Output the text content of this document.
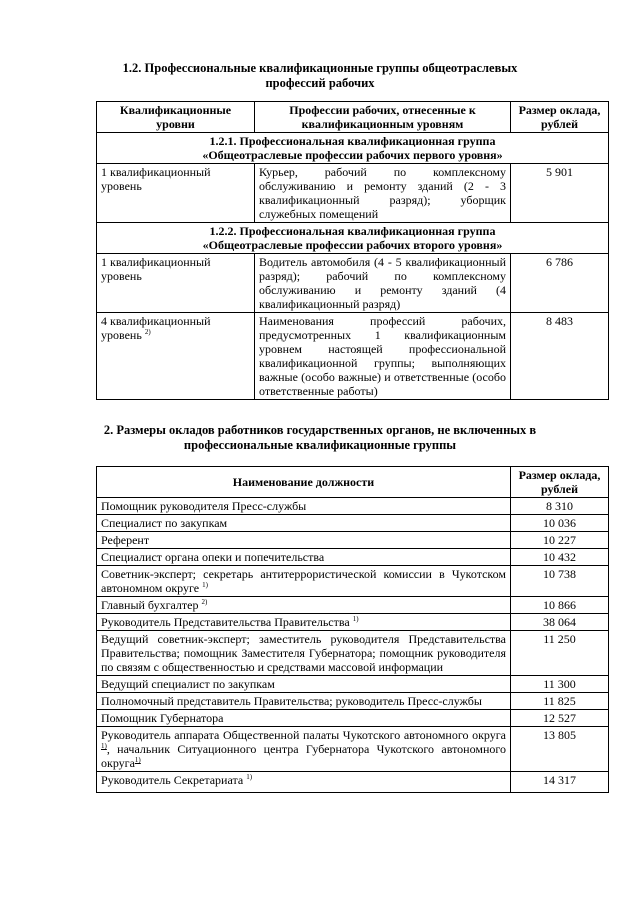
1.2. Профессиональные квалификационные группы общеотраслевых
профессий рабочих
Квалификационные уровни	Профессии рабочих, отнесенные к квалификационным уровням	Размер оклада, рублей

1.2.1. Профессиональная квалификационная группа
«Общеотраслевые профессии рабочих первого уровня»		

1 квалификационный уровень	Курьер, рабочий по комплексному обслуживанию и ремонту зданий (2 - 3 квалификационный разряд); уборщик служебных помещений	5 901

1.2.2. Профессиональная квалификационная группа
«Общеотраслевые профессии рабочих второго уровня»		

1 квалификационный уровень	Водитель автомобиля (4 - 5 квалификационный разряд); рабочий по комплексному обслуживанию и ремонту зданий (4 квалификационный разряд)	6 786
4 квалификационный уровень $^{2)}$	Наименования профессий рабочих, предусмотренных 1 квалификационным уровнем настоящей профессиональной квалификационной группы; выполняющих важные (особо важные) и ответственные (особо ответственные работы)	8 483
2. Размеры окладов работников государственных органов, не включенных в
профессиональные квалификационные группы
Наименование должности	Размер оклада, рублей
Помощник руководителя Пресс-службы	8 310
Специалист по закупкам	10 036
Референт	10 227
Специалист органа опеки и попечительства	10 432
Советник-эксперт; секретарь антитеррористической комиссии в Чукотском автономном округе $^{1)}$	10 738
Главный бухгалтер $^{2)}$	10 866
Руководитель Представительства Правительства $^{1)}$	38 064
Ведущий советник-эксперт; заместитель руководителя Представительства Правительства; помощник Заместителя Губернатора; помощник руководителя по связям с общественностью и средствами массовой информации	11 250
Ведущий специалист по закупкам	11 300
Полномочный представитель Правительства; руководитель Пресс-службы	11 825
Помощник Губернатора	12 527
Руководитель аппарата Общественной палаты Чукотского автономного округа $^{1)}$, начальник Ситуационного центра Губернатора Чукотского автономного округа$^{1)}$	13 805
Руководитель Секретариата $^{1)}$	14 317
